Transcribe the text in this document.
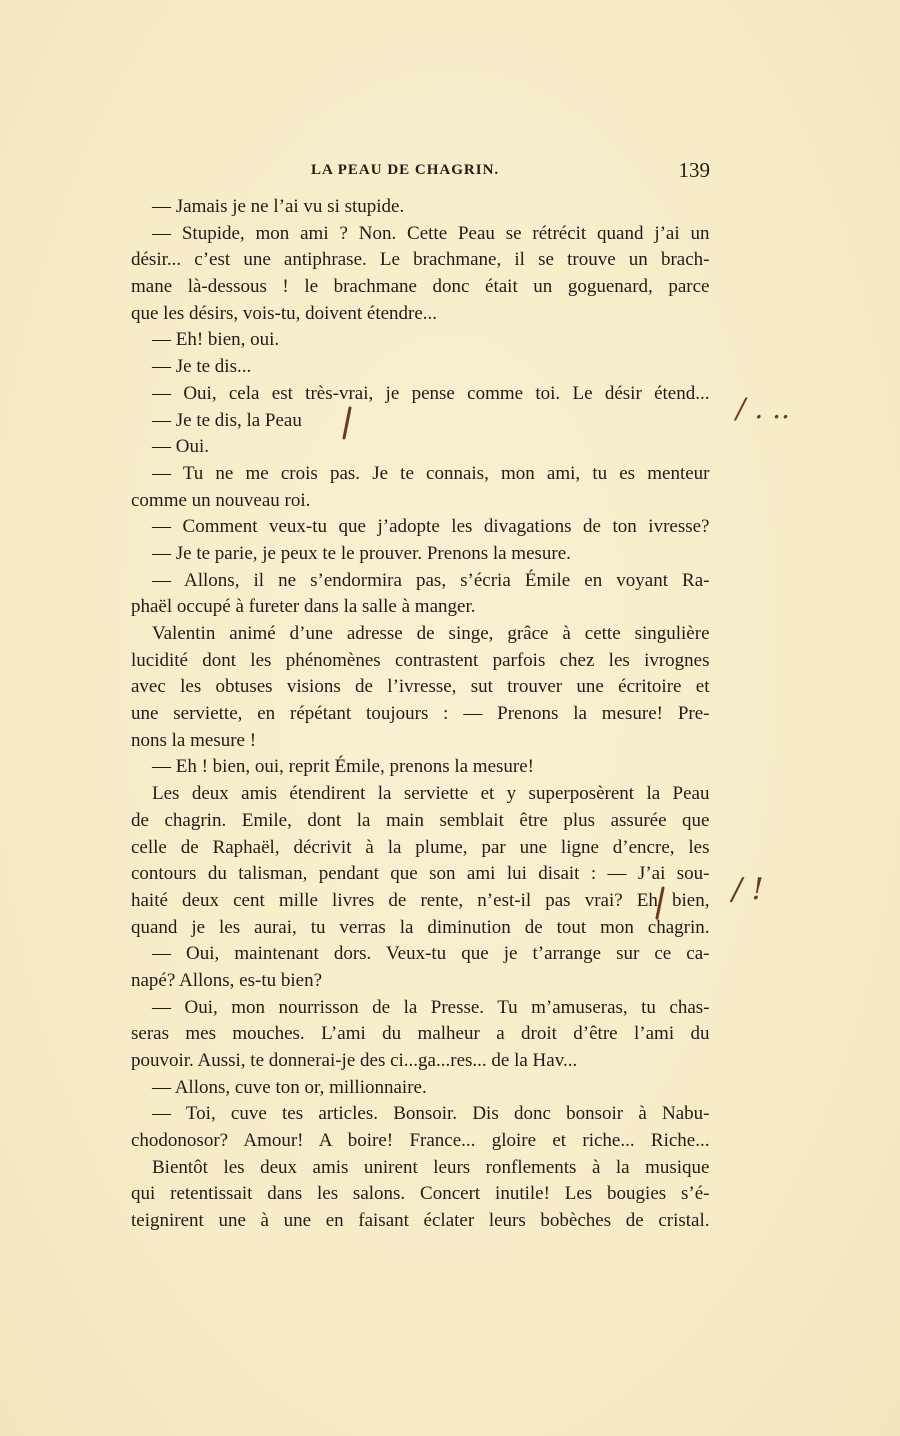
LA PEAU DE CHAGRIN.	139
— Jamais je ne l’ai vu si stupide.
— Stupide, mon ami ? Non. Cette Peau se rétrécit quand j’ai un
désir... c’est une antiphrase. Le brachmane, il se trouve un brach-
mane là-dessous ! le brachmane donc était un goguenard, parce
que les désirs, vois-tu, doivent étendre...
— Eh! bien, oui.
— Je te dis...
— Oui, cela est très-vrai, je pense comme toi. Le désir étend...
— Je te dis, la Peau
— Oui.
— Tu ne me crois pas. Je te connais, mon ami, tu es menteur
comme un nouveau roi.
— Comment veux-tu que j’adopte les divagations de ton ivresse?
— Je te parie, je peux te le prouver. Prenons la mesure.
— Allons, il ne s’endormira pas, s’écria Émile en voyant Ra-
phaël occupé à fureter dans la salle à manger.
Valentin animé d’une adresse de singe, grâce à cette singulière
lucidité dont les phénomènes contrastent parfois chez les ivrognes
avec les obtuses visions de l’ivresse, sut trouver une écritoire et
une serviette, en répétant toujours : — Prenons la mesure! Pre-
nons la mesure !
— Eh ! bien, oui, reprit Émile, prenons la mesure!
Les deux amis étendirent la serviette et y superposèrent la Peau
de chagrin. Emile, dont la main semblait être plus assurée que
celle de Raphaël, décrivit à la plume, par une ligne d’encre, les
contours du talisman, pendant que son ami lui disait : — J’ai sou-
haité deux cent mille livres de rente, n’est-il pas vrai? Eh bien,
quand je les aurai, tu verras la diminution de tout mon chagrin.
— Oui, maintenant dors. Veux-tu que je t’arrange sur ce ca-
napé? Allons, es-tu bien?
— Oui, mon nourrisson de la Presse. Tu m’amuseras, tu chas-
seras mes mouches. L’ami du malheur a droit d’être l’ami du
pouvoir. Aussi, te donnerai-je des ci...ga...res... de la Hav...
— Allons, cuve ton or, millionnaire.
— Toi, cuve tes articles. Bonsoir. Dis donc bonsoir à Nabu-
chodonosor? Amour! A boire! France... gloire et riche... Riche...
Bientôt les deux amis unirent leurs ronflements à la musique
qui retentissait dans les salons. Concert inutile! Les bougies s’é-
teignirent une à une en faisant éclater leurs bobèches de cristal.
/ . ..
/ !
